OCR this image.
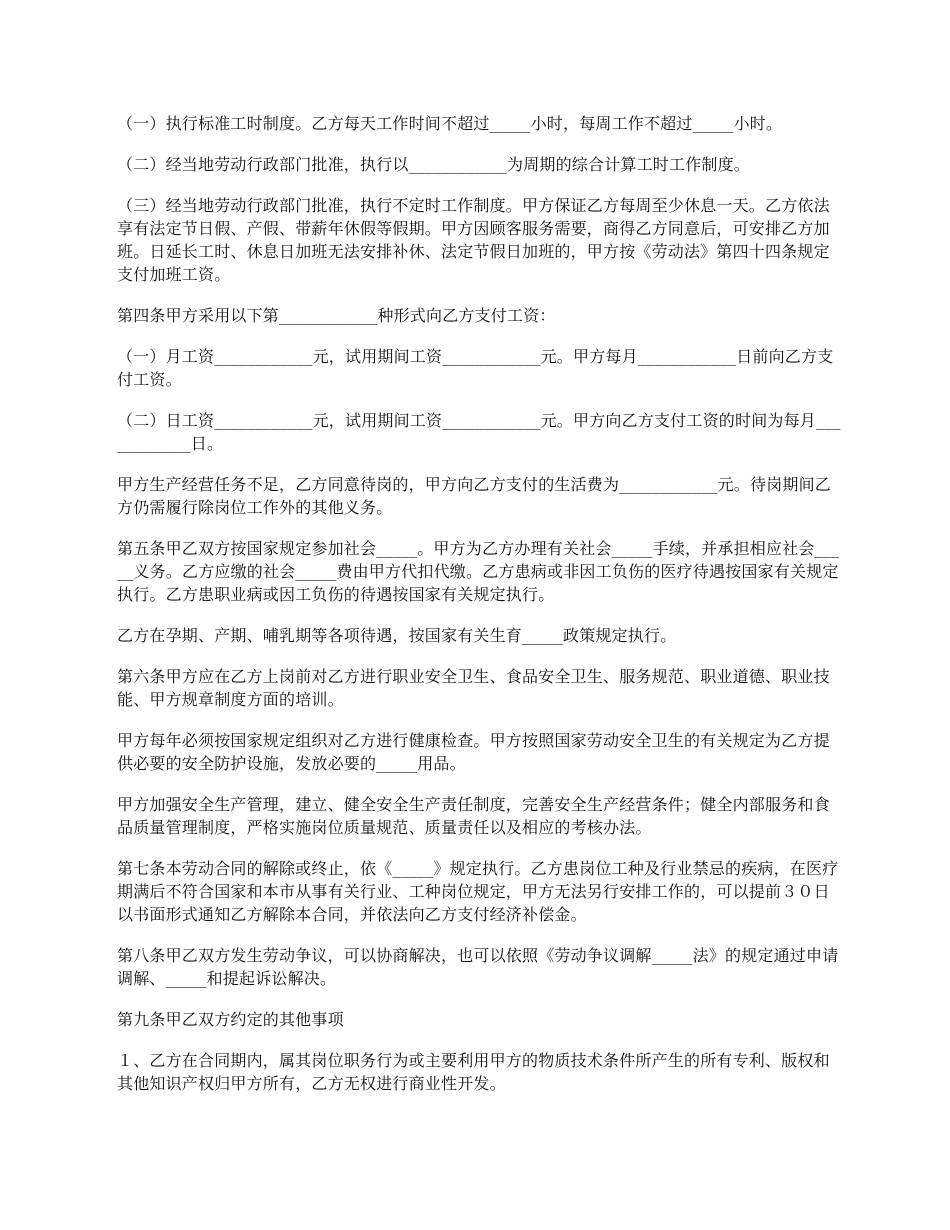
（一）执行标准工时制度。乙方每天工作时间不超过_____小时，每周工作不超过_____小时。

（二）经当地劳动行政部门批准，执行以____________为周期的综合计算工时工作制度。

（三）经当地劳动行政部门批准，执行不定时工作制度。甲方保证乙方每周至少休息一天。乙方依法享有法定节日假、产假、带薪年休假等假期。甲方因顾客服务需要，商得乙方同意后，可安排乙方加班。日延长工时、休息日加班无法安排补休、法定节假日加班的，甲方按《劳动法》第四十四条规定支付加班工资。

第四条甲方采用以下第____________种形式向乙方支付工资：

（一）月工资____________元，试用期间工资____________元。甲方每月____________日前向乙方支付工资。

（二）日工资____________元，试用期间工资____________元。甲方向乙方支付工资的时间为每月____________日。

甲方生产经营任务不足，乙方同意待岗的，甲方向乙方支付的生活费为____________元。待岗期间乙方仍需履行除岗位工作外的其他义务。

第五条甲乙双方按国家规定参加社会_____。甲方为乙方办理有关社会_____手续，并承担相应社会_____义务。乙方应缴的社会_____费由甲方代扣代缴。乙方患病或非因工负伤的医疗待遇按国家有关规定执行。乙方患职业病或因工负伤的待遇按国家有关规定执行。

乙方在孕期、产期、哺乳期等各项待遇，按国家有关生育_____政策规定执行。

第六条甲方应在乙方上岗前对乙方进行职业安全卫生、食品安全卫生、服务规范、职业道德、职业技能、甲方规章制度方面的培训。

甲方每年必须按国家规定组织对乙方进行健康检查。甲方按照国家劳动安全卫生的有关规定为乙方提供必要的安全防护设施，发放必要的_____用品。

甲方加强安全生产管理，建立、健全安全生产责任制度，完善安全生产经营条件；健全内部服务和食品质量管理制度，严格实施岗位质量规范、质量责任以及相应的考核办法。

第七条本劳动合同的解除或终止，依《_____》规定执行。乙方患岗位工种及行业禁忌的疾病，在医疗期满后不符合国家和本市从事有关行业、工种岗位规定，甲方无法另行安排工作的，可以提前３０日以书面形式通知乙方解除本合同，并依法向乙方支付经济补偿金。

第八条甲乙双方发生劳动争议，可以协商解决，也可以依照《劳动争议调解_____法》的规定通过申请调解、_____和提起诉讼解决。

第九条甲乙双方约定的其他事项

１、乙方在合同期内，属其岗位职务行为或主要利用甲方的物质技术条件所产生的所有专利、版权和其他知识产权归甲方所有，乙方无权进行商业性开发。
